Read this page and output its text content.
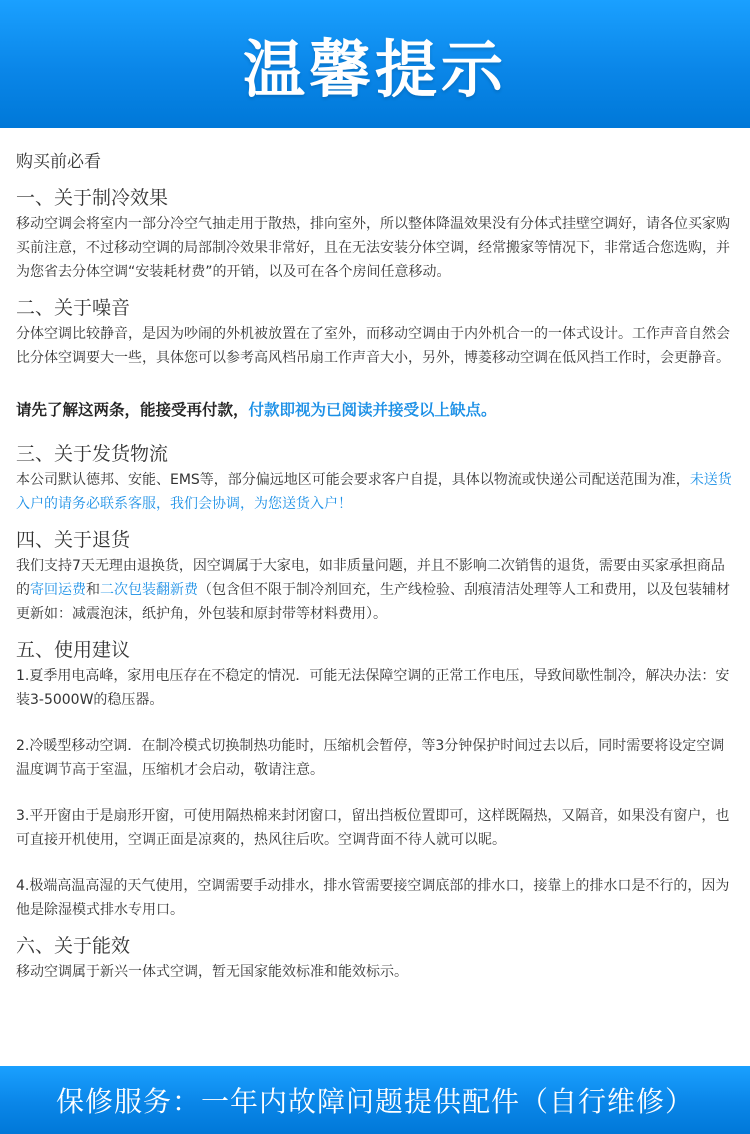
温馨提示

购买前必看

一、关于制冷效果

移动空调会将室内一部分冷空气抽走用于散热，排向室外，所以整体降温效果没有分体式挂壁空调好，请各位买家购买前注意，不过移动空调的局部制冷效果非常好，且在无法安装分体空调，经常搬家等情况下，非常适合您选购，并为您省去分体空调“安装耗材费”的开销，以及可在各个房间任意移动。

二、关于噪音

分体空调比较静音，是因为吵闹的外机被放置在了室外，而移动空调由于内外机合一的一体式设计。工作声音自然会比分体空调要大一些，具体您可以参考高风档吊扇工作声音大小，另外，博菱移动空调在低风挡工作时，会更静音。

请先了解这两条，能接受再付款，付款即视为已阅读并接受以上缺点。

三、关于发货物流

本公司默认德邦、安能、EMS等，部分偏远地区可能会要求客户自提，具体以物流或快递公司配送范围为准，未送货入户的请务必联系客服，我们会协调，为您送货入户！

四、关于退货

我们支持7天无理由退换货，因空调属于大家电，如非质量问题，并且不影响二次销售的退货，需要由买家承担商品的寄回运费和二次包装翻新费（包含但不限于制冷剂回充，生产线检验、刮痕清洁处理等人工和费用，以及包装辅材更新如：减震泡沫，纸护角，外包装和原封带等材料费用）。

五、使用建议

1.夏季用电高峰，家用电压存在不稳定的情况．可能无法保障空调的正常工作电压，导致间歇性制冷，解决办法：安装3-5000W的稳压器。

2.冷暖型移动空调．在制冷模式切换制热功能时，压缩机会暂停，等3分钟保护时间过去以后，同时需要将设定空调温度调节高于室温，压缩机才会启动，敬请注意。

3.平开窗由于是扇形开窗，可使用隔热棉来封闭窗口，留出挡板位置即可，这样既隔热，又隔音，如果没有窗户，也可直接开机使用，空调正面是凉爽的，热风往后吹。空调背面不待人就可以昵。

4.极端高温高湿的天气使用，空调需要手动排水，排水管需要接空调底部的排水口，接靠上的排水口是不行的，因为他是除湿模式排水专用口。

六、关于能效

移动空调属于新兴一体式空调，暂无国家能效标准和能效标示。

保修服务：一年内故障问题提供配件（自行维修）
